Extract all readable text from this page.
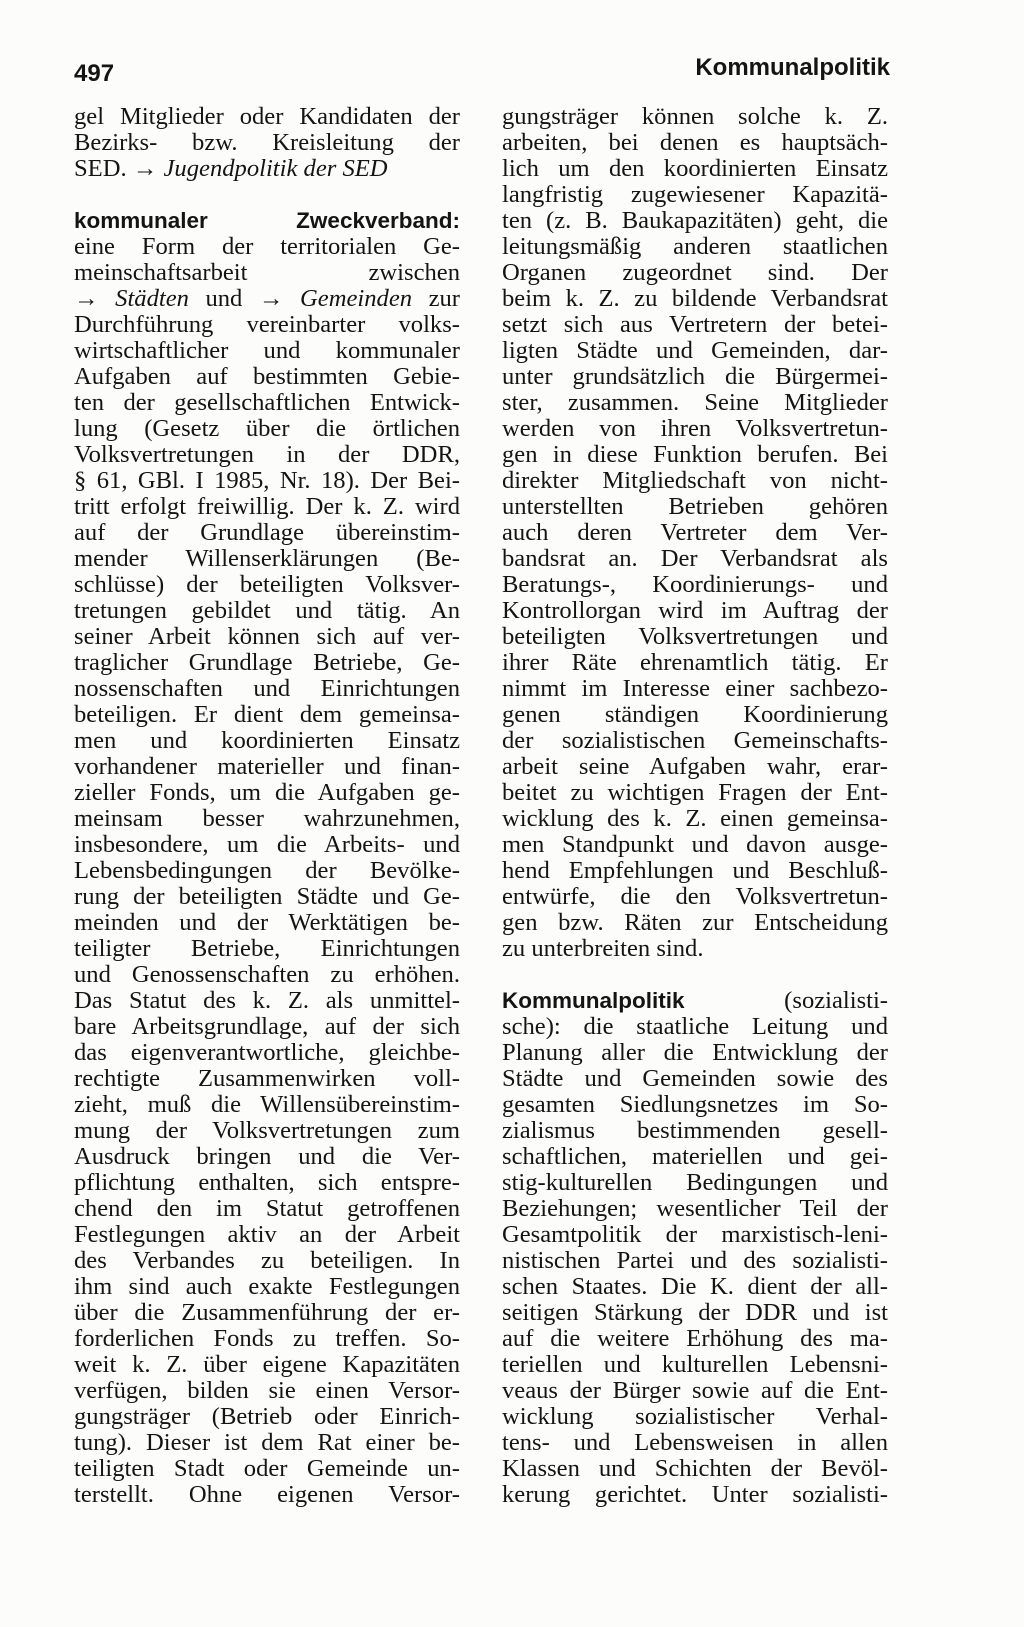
497	Kommunalpolitik
gel Mitglieder oder Kandidaten der
Bezirks- bzw. Kreisleitung der
SED. → Jugendpolitik der SED
kommunaler Zweckverband:
eine Form der territorialen Ge-
meinschaftsarbeit zwischen
→ Städten und → Gemeinden zur
Durchführung vereinbarter volks-
wirtschaftlicher und kommunaler
Aufgaben auf bestimmten Gebie-
ten der gesellschaftlichen Entwick-
lung (Gesetz über die örtlichen
Volksvertretungen in der DDR,
§ 61, GBl. I 1985, Nr. 18). Der Bei-
tritt erfolgt freiwillig. Der k. Z. wird
auf der Grundlage übereinstim-
mender Willenserklärungen (Be-
schlüsse) der beteiligten Volksver-
tretungen gebildet und tätig. An
seiner Arbeit können sich auf ver-
traglicher Grundlage Betriebe, Ge-
nossenschaften und Einrichtungen
beteiligen. Er dient dem gemeinsa-
men und koordinierten Einsatz
vorhandener materieller und finan-
zieller Fonds, um die Aufgaben ge-
meinsam besser wahrzunehmen,
insbesondere, um die Arbeits- und
Lebensbedingungen der Bevölke-
rung der beteiligten Städte und Ge-
meinden und der Werktätigen be-
teiligter Betriebe, Einrichtungen
und Genossenschaften zu erhöhen.
Das Statut des k. Z. als unmittel-
bare Arbeitsgrundlage, auf der sich
das eigenverantwortliche, gleichbe-
rechtigte Zusammenwirken voll-
zieht, muß die Willensübereinstim-
mung der Volksvertretungen zum
Ausdruck bringen und die Ver-
pflichtung enthalten, sich entspre-
chend den im Statut getroffenen
Festlegungen aktiv an der Arbeit
des Verbandes zu beteiligen. In
ihm sind auch exakte Festlegungen
über die Zusammenführung der er-
forderlichen Fonds zu treffen. So-
weit k. Z. über eigene Kapazitäten
verfügen, bilden sie einen Versor-
gungsträger (Betrieb oder Einrich-
tung). Dieser ist dem Rat einer be-
teiligten Stadt oder Gemeinde un-
terstellt. Ohne eigenen Versor-
gungsträger können solche k. Z.
arbeiten, bei denen es hauptsäch-
lich um den koordinierten Einsatz
langfristig zugewiesener Kapazitä-
ten (z. B. Baukapazitäten) geht, die
leitungsmäßig anderen staatlichen
Organen zugeordnet sind. Der
beim k. Z. zu bildende Verbandsrat
setzt sich aus Vertretern der betei-
ligten Städte und Gemeinden, dar-
unter grundsätzlich die Bürgermei-
ster, zusammen. Seine Mitglieder
werden von ihren Volksvertretun-
gen in diese Funktion berufen. Bei
direkter Mitgliedschaft von nicht-
unterstellten Betrieben gehören
auch deren Vertreter dem Ver-
bandsrat an. Der Verbandsrat als
Beratungs-, Koordinierungs- und
Kontrollorgan wird im Auftrag der
beteiligten Volksvertretungen und
ihrer Räte ehrenamtlich tätig. Er
nimmt im Interesse einer sachbezo-
genen ständigen Koordinierung
der sozialistischen Gemeinschafts-
arbeit seine Aufgaben wahr, erar-
beitet zu wichtigen Fragen der Ent-
wicklung des k. Z. einen gemeinsa-
men Standpunkt und davon ausge-
hend Empfehlungen und Beschluß-
entwürfe, die den Volksvertretun-
gen bzw. Räten zur Entscheidung
zu unterbreiten sind.
Kommunalpolitik (sozialisti-
sche): die staatliche Leitung und
Planung aller die Entwicklung der
Städte und Gemeinden sowie des
gesamten Siedlungsnetzes im So-
zialismus bestimmenden gesell-
schaftlichen, materiellen und gei-
stig-kulturellen Bedingungen und
Beziehungen; wesentlicher Teil der
Gesamtpolitik der marxistisch-leni-
nistischen Partei und des sozialisti-
schen Staates. Die K. dient der all-
seitigen Stärkung der DDR und ist
auf die weitere Erhöhung des ma-
teriellen und kulturellen Lebensni-
veaus der Bürger sowie auf die Ent-
wicklung sozialistischer Verhal-
tens- und Lebensweisen in allen
Klassen und Schichten der Bevöl-
kerung gerichtet. Unter sozialisti-
